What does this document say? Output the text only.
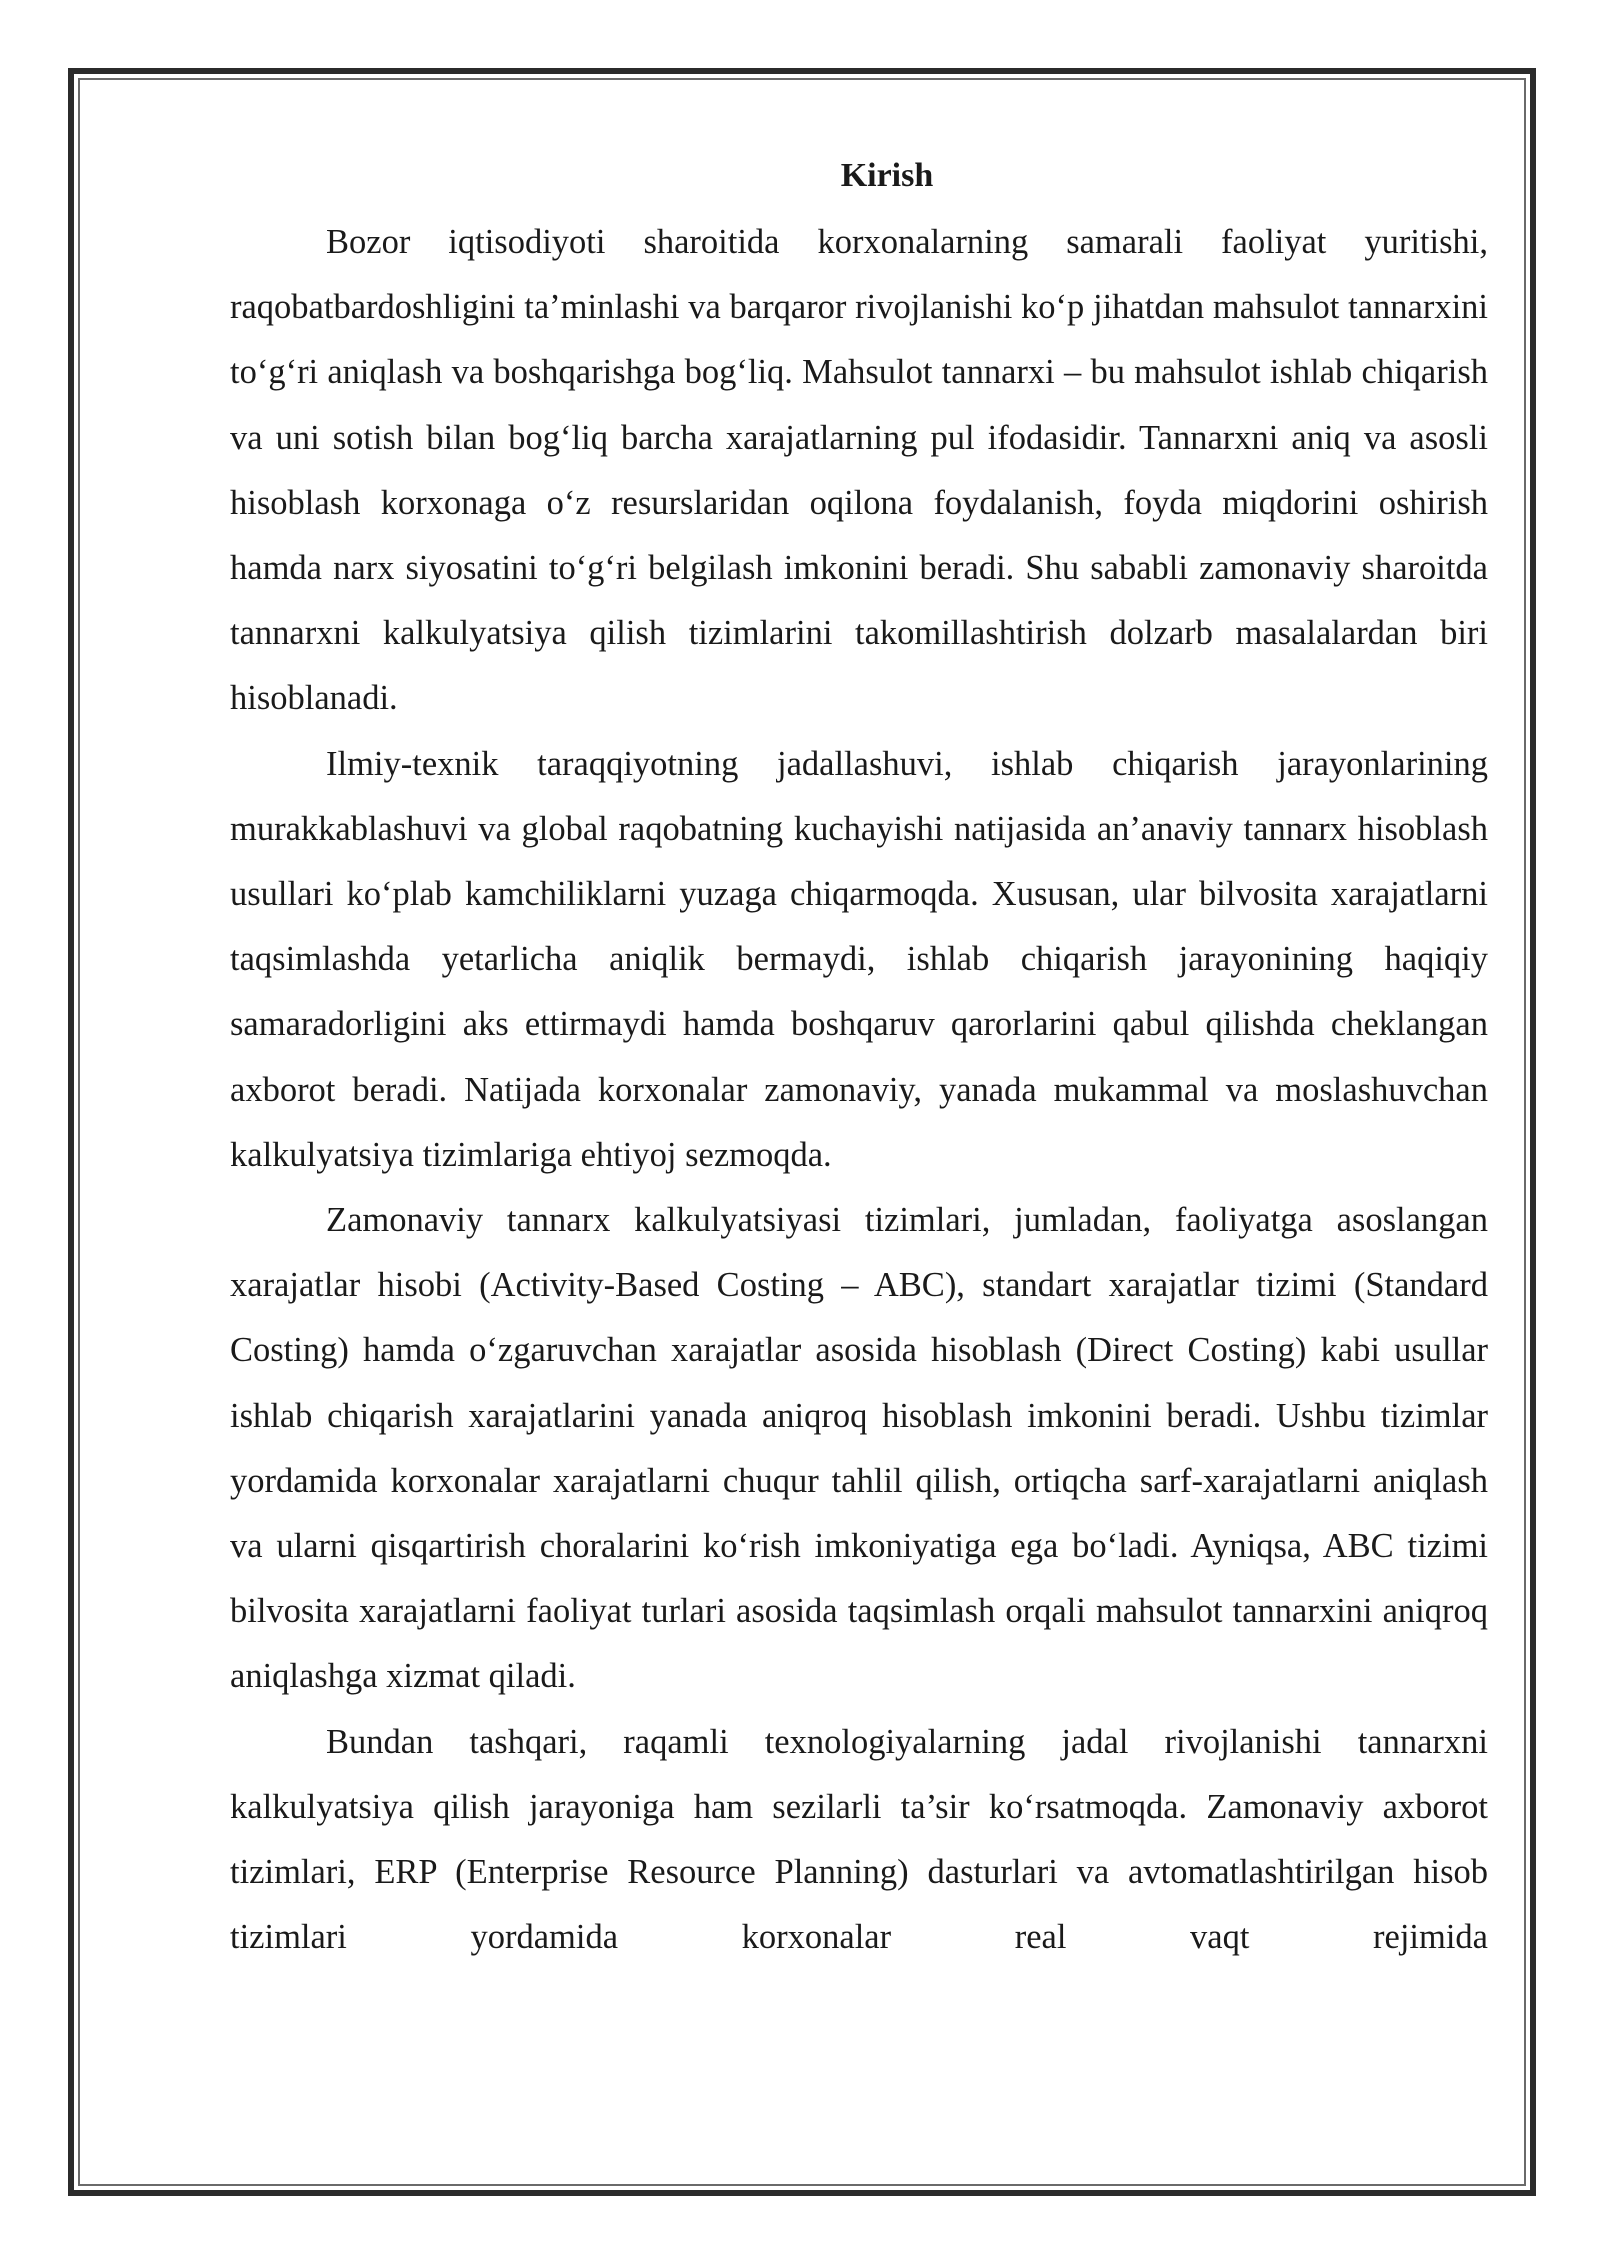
Kirish

Bozor iqtisodiyoti sharoitida korxonalarning samarali faoliyat yuritishi, raqobatbardoshligini ta’minlashi va barqaror rivojlanishi ko‘p jihatdan mahsulot tannarxini to‘g‘ri aniqlash va boshqarishga bog‘liq. Mahsulot tannarxi – bu mahsulot ishlab chiqarish va uni sotish bilan bog‘liq barcha xarajatlarning pul ifodasidir. Tannarxni aniq va asosli hisoblash korxonaga o‘z resurslaridan oqilona foydalanish, foyda miqdorini oshirish hamda narx siyosatini to‘g‘ri belgilash imkonini beradi. Shu sababli zamonaviy sharoitda tannarxni kalkulyatsiya qilish tizimlarini takomillashtirish dolzarb masalalardan biri hisoblanadi.

Ilmiy-texnik taraqqiyotning jadallashuvi, ishlab chiqarish jarayonlarining murakkablashuvi va global raqobatning kuchayishi natijasida an’anaviy tannarx hisoblash usullari ko‘plab kamchiliklarni yuzaga chiqarmoqda. Xususan, ular bilvosita xarajatlarni taqsimlashda yetarlicha aniqlik bermaydi, ishlab chiqarish jarayonining haqiqiy samaradorligini aks ettirmaydi hamda boshqaruv qarorlarini qabul qilishda cheklangan axborot beradi. Natijada korxonalar zamonaviy, yanada mukammal va moslashuvchan kalkulyatsiya tizimlariga ehtiyoj sezmoqda.

Zamonaviy tannarx kalkulyatsiyasi tizimlari, jumladan, faoliyatga asoslangan xarajatlar hisobi (Activity-Based Costing – ABC), standart xarajatlar tizimi (Standard Costing) hamda o‘zgaruvchan xarajatlar asosida hisoblash (Direct Costing) kabi usullar ishlab chiqarish xarajatlarini yanada aniqroq hisoblash imkonini beradi. Ushbu tizimlar yordamida korxonalar xarajatlarni chuqur tahlil qilish, ortiqcha sarf-xarajatlarni aniqlash va ularni qisqartirish choralarini ko‘rish imkoniyatiga ega bo‘ladi. Ayniqsa, ABC tizimi bilvosita xarajatlarni faoliyat turlari asosida taqsimlash orqali mahsulot tannarxini aniqroq aniqlashga xizmat qiladi.

Bundan tashqari, raqamli texnologiyalarning jadal rivojlanishi tannarxni kalkulyatsiya qilish jarayoniga ham sezilarli ta’sir ko‘rsatmoqda. Zamonaviy axborot tizimlari, ERP (Enterprise Resource Planning) dasturlari va avtomatlashtirilgan hisob tizimlari yordamida korxonalar real vaqt rejimida
